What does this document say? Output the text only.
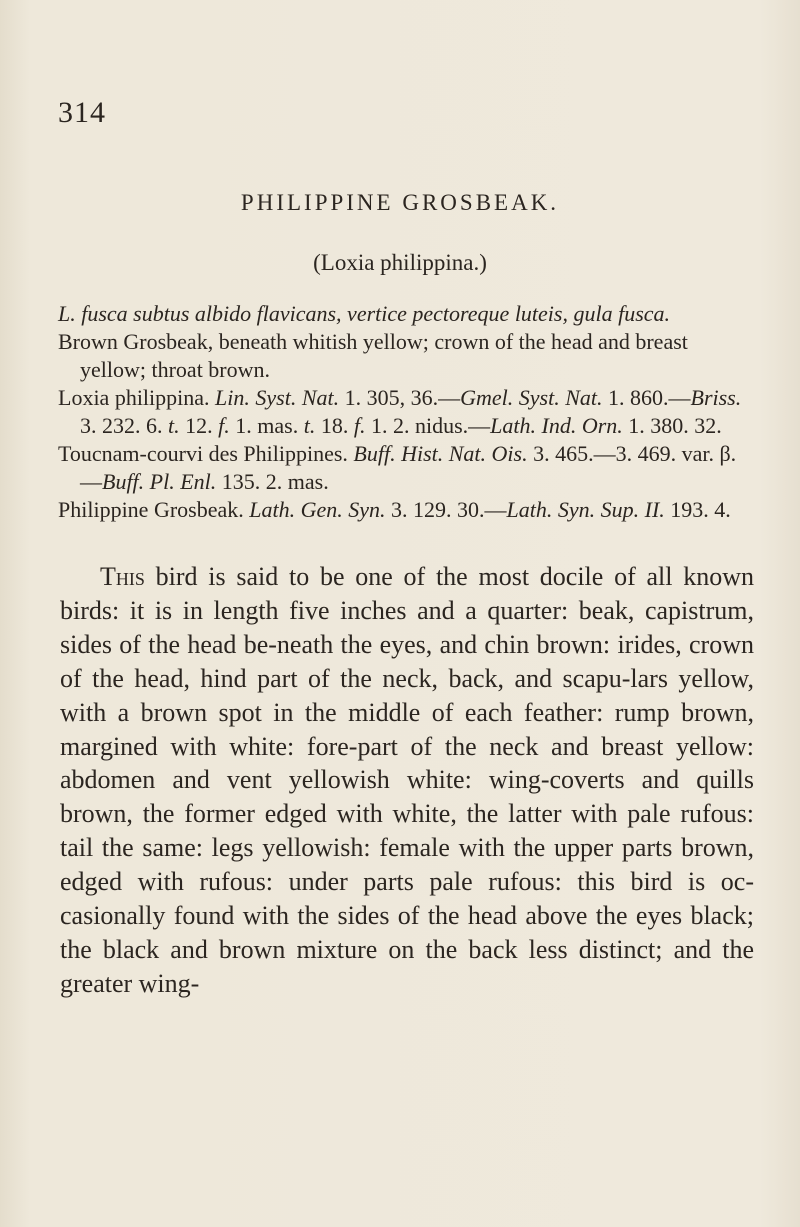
314
PHILIPPINE GROSBEAK.
(Loxia philippina.)

L. fusca subtus albido flavicans, vertice pectoreque luteis, gula fusca.

Brown Grosbeak, beneath whitish yellow; crown of the head and breast yellow; throat brown.

Loxia philippina. Lin. Syst. Nat. 1. 305, 36.—Gmel. Syst. Nat. 1. 860.—Briss. 3. 232. 6. t. 12. f. 1. mas. t. 18. f. 1. 2. nidus.—Lath. Ind. Orn. 1. 380. 32.

Toucnam-courvi des Philippines. Buff. Hist. Nat. Ois. 3. 465.—3. 469. var. β.—Buff. Pl. Enl. 135. 2. mas.

Philippine Grosbeak. Lath. Gen. Syn. 3. 129. 30.—Lath. Syn. Sup. II. 193. 4.

This bird is said to be one of the most docile of all known birds: it is in length five inches and a quarter: beak, capistrum, sides of the head be-neath the eyes, and chin brown: irides, crown of the head, hind part of the neck, back, and scapu-lars yellow, with a brown spot in the middle of each feather: rump brown, margined with white: fore-part of the neck and breast yellow: abdomen and vent yellowish white: wing-coverts and quills brown, the former edged with white, the latter with pale rufous: tail the same: legs yellowish: female with the upper parts brown, edged with rufous: under parts pale rufous: this bird is oc-casionally found with the sides of the head above the eyes black; the black and brown mixture on the back less distinct; and the greater wing-
